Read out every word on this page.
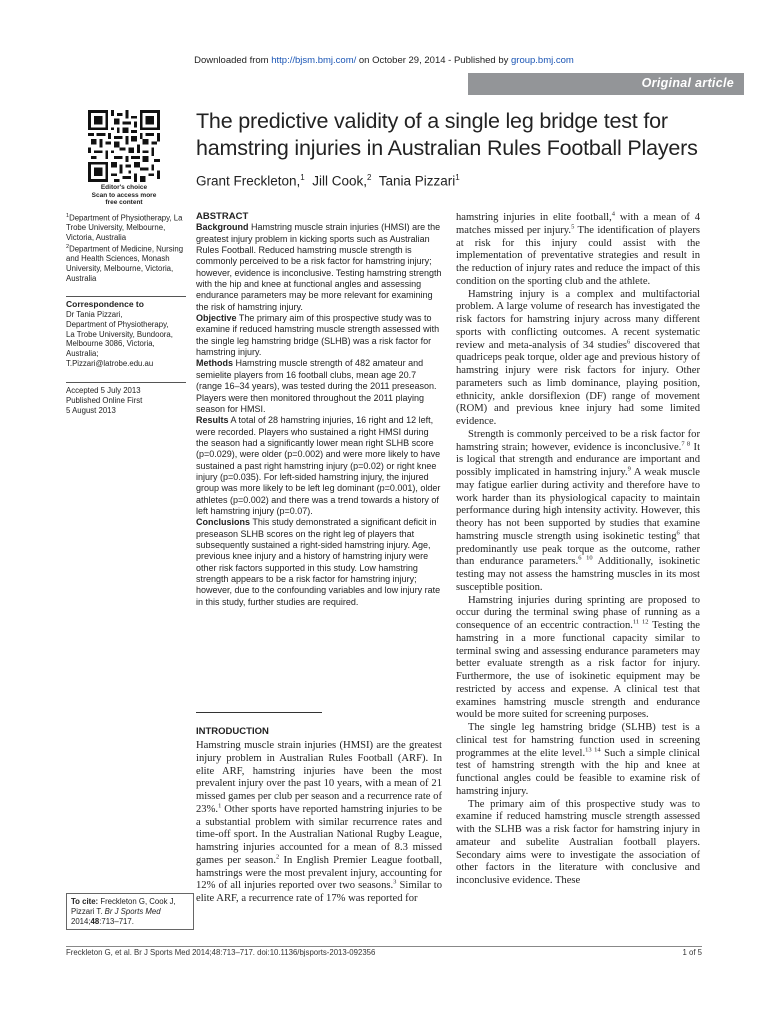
Downloaded from http://bjsm.bmj.com/ on October 29, 2014 - Published by group.bmj.com
Original article
Editor's choice
Scan to access more
free content
The predictive validity of a single leg bridge test for hamstring injuries in Australian Rules Football Players
Grant Freckleton,$^1$ Jill Cook,$^2$ Tania Pizzari$^1$
$^1$Department of Physiotherapy, La Trobe University, Melbourne, Victoria, Australia
$^2$Department of Medicine, Nursing and Health Sciences, Monash University, Melbourne, Victoria, Australia
Correspondence to
Dr Tania Pizzari,
Department of Physiotherapy,
La Trobe University, Bundoora,
Melbourne 3086, Victoria,
Australia;
T.Pizzari@latrobe.edu.au
Accepted 5 July 2013
Published Online First
5 August 2013
ABSTRACT

Background Hamstring muscle strain injuries (HMSI) are the greatest injury problem in kicking sports such as Australian Rules Football. Reduced hamstring muscle strength is commonly perceived to be a risk factor for hamstring injury; however, evidence is inconclusive. Testing hamstring strength with the hip and knee at functional angles and assessing endurance parameters may be more relevant for examining the risk of hamstring injury.

Objective The primary aim of this prospective study was to examine if reduced hamstring muscle strength assessed with the single leg hamstring bridge (SLHB) was a risk factor for hamstring injury.

Methods Hamstring muscle strength of 482 amateur and semielite players from 16 football clubs, mean age 20.7 (range 16–34 years), was tested during the 2011 preseason. Players were then monitored throughout the 2011 playing season for HMSI.

Results A total of 28 hamstring injuries, 16 right and 12 left, were recorded. Players who sustained a right HMSI during the season had a significantly lower mean right SLHB score (p=0.029), were older (p=0.002) and were more likely to have sustained a past right hamstring injury (p=0.02) or right knee injury (p=0.035). For left-sided hamstring injury, the injured group was more likely to be left leg dominant (p=0.001), older athletes (p=0.002) and there was a trend towards a history of left hamstring injury (p=0.07).

Conclusions This study demonstrated a significant deficit in preseason SLHB scores on the right leg of players that subsequently sustained a right-sided hamstring injury. Age, previous knee injury and a history of hamstring injury were other risk factors supported in this study. Low hamstring strength appears to be a risk factor for hamstring injury; however, due to the confounding variables and low injury rate in this study, further studies are required.

INTRODUCTION

Hamstring muscle strain injuries (HMSI) are the greatest injury problem in Australian Rules Football (ARF). In elite ARF, hamstring injuries have been the most prevalent injury over the past 10 years, with a mean of 21 missed games per club per season and a recurrence rate of 23%.$^1$ Other sports have reported hamstring injuries to be a substantial problem with similar recurrence rates and time-off sport. In the Australian National Rugby League, hamstring injuries accounted for a mean of 8.3 missed games per season.$^2$ In English Premier League football, hamstrings were the most prevalent injury, accounting for 12% of all injuries reported over two seasons.$^3$ Similar to elite ARF, a recurrence rate of 17% was reported for

hamstring injuries in elite football,$^4$ with a mean of 4 matches missed per injury.$^5$ The identification of players at risk for this injury could assist with the implementation of preventative strategies and result in the reduction of injury rates and reduce the impact of this condition on the sporting club and the athlete.

Hamstring injury is a complex and multifactorial problem. A large volume of research has investigated the risk factors for hamstring injury across many different sports with conflicting outcomes. A recent systematic review and meta-analysis of 34 studies$^6$ discovered that quadriceps peak torque, older age and previous history of hamstring injury were risk factors for injury. Other parameters such as limb dominance, playing position, ethnicity, ankle dorsiflexion (DF) range of movement (ROM) and previous knee injury had some limited evidence.

Strength is commonly perceived to be a risk factor for hamstring strain; however, evidence is inconclusive.$^{7 8}$ It is logical that strength and endurance are important and possibly implicated in hamstring injury.$^9$ A weak muscle may fatigue earlier during activity and therefore have to work harder than its physiological capacity to maintain performance during high intensity activity. However, this theory has not been supported by studies that examine hamstring muscle strength using isokinetic testing$^6$ that predominantly use peak torque as the outcome, rather than endurance parameters.$^{6 10}$ Additionally, isokinetic testing may not assess the hamstring muscles in its most susceptible position.

Hamstring injuries during sprinting are proposed to occur during the terminal swing phase of running as a consequence of an eccentric contraction.$^{11 12}$ Testing the hamstring in a more functional capacity similar to terminal swing and assessing endurance parameters may better evaluate strength as a risk factor for injury. Furthermore, the use of isokinetic equipment may be restricted by access and expense. A clinical test that examines hamstring muscle strength and endurance would be more suited for screening purposes.

The single leg hamstring bridge (SLHB) test is a clinical test for hamstring function used in screening programmes at the elite level.$^{13 14}$ Such a simple clinical test of hamstring strength with the hip and knee at functional angles could be feasible to examine risk of hamstring injury.

The primary aim of this prospective study was to examine if reduced hamstring muscle strength assessed with the SLHB was a risk factor for hamstring injury in amateur and subelite Australian football players. Secondary aims were to investigate the association of other factors in the literature with conclusive and inconclusive evidence. These

To cite: Freckleton G, Cook J, Pizzari T. Br J Sports Med 2014;48:713–717.
Freckleton G, et al. Br J Sports Med 2014;48:713–717. doi:10.1136/bjsports-2013-092356	1 of 5
